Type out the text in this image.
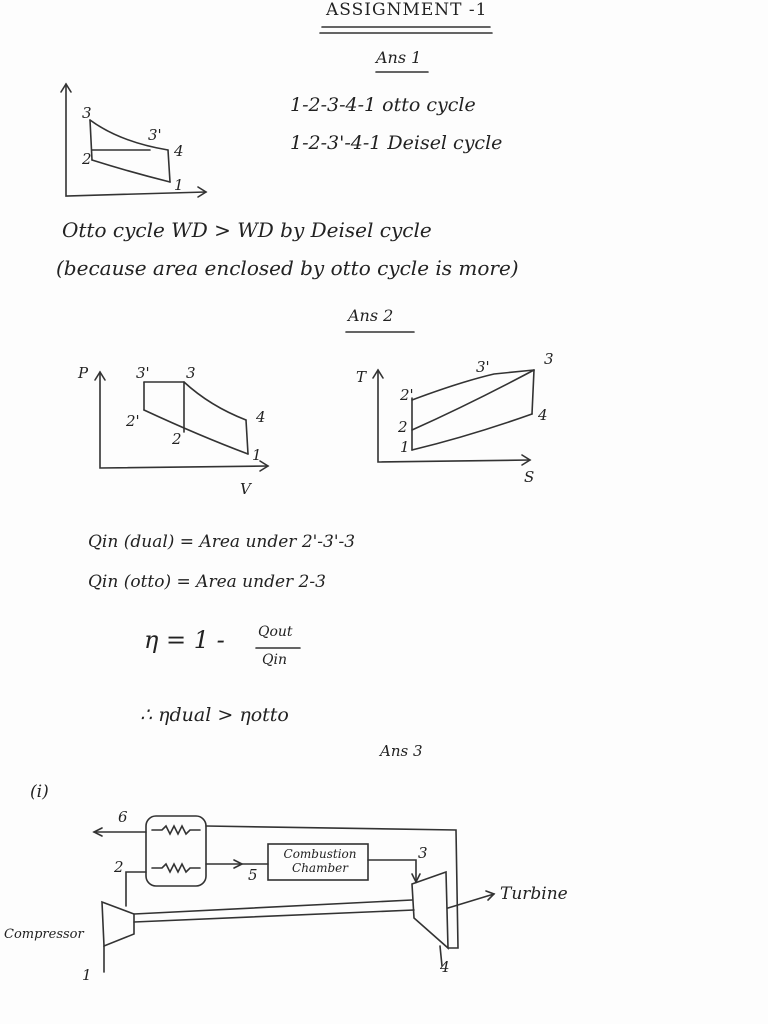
ASSIGNMENT -1
Ans 1
1-2-3-4-1 otto cycle
1-2-3'-4-1 Deisel cycle
3
3'
4
2
1
Otto cycle WD > WD by Deisel cycle
(because area enclosed by otto cycle is more)
Ans 2
P
V
3' 3
2'
2
4
1
T
S
3'	3
2'
2
4
1
Qin (dual) = Area under 2'-3'-3
Qin (otto) = Area under 2-3
η = 1 - Qout
Qin
∴ ηdual > ηotto
Ans 3
(i)
Combustion Chamber
Turbine
Compressor
6
2	5
3
1	4
